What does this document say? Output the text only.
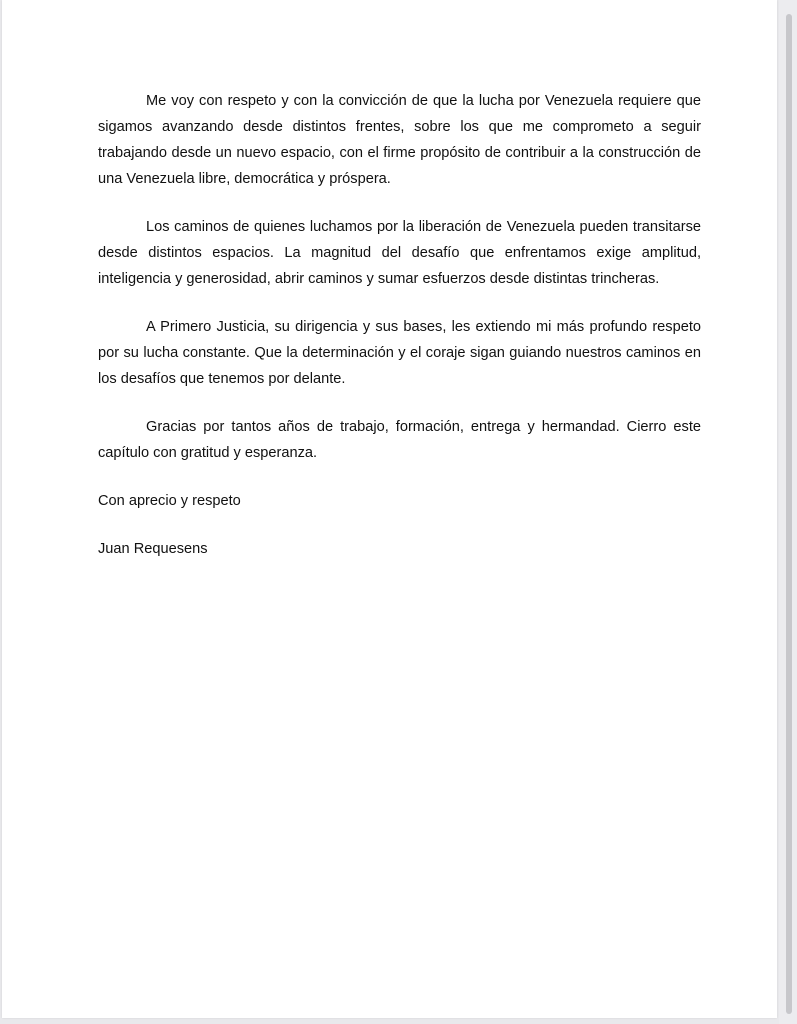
Me voy con respeto y con la convicción de que la lucha por Venezuela requiere que sigamos avanzando desde distintos frentes, sobre los que me comprometo a seguir trabajando desde un nuevo espacio, con el firme propósito de contribuir a la construcción de una Venezuela libre, democrática y próspera.

Los caminos de quienes luchamos por la liberación de Venezuela pueden transitarse desde distintos espacios. La magnitud del desafío que enfrentamos exige amplitud, inteligencia y generosidad, abrir caminos y sumar esfuerzos desde distintas trincheras.

A Primero Justicia, su dirigencia y sus bases, les extiendo mi más profundo respeto por su lucha constante. Que la determinación y el coraje sigan guiando nuestros caminos en los desafíos que tenemos por delante.

Gracias por tantos años de trabajo, formación, entrega y hermandad. Cierro este capítulo con gratitud y esperanza.

Con aprecio y respeto

Juan Requesens
